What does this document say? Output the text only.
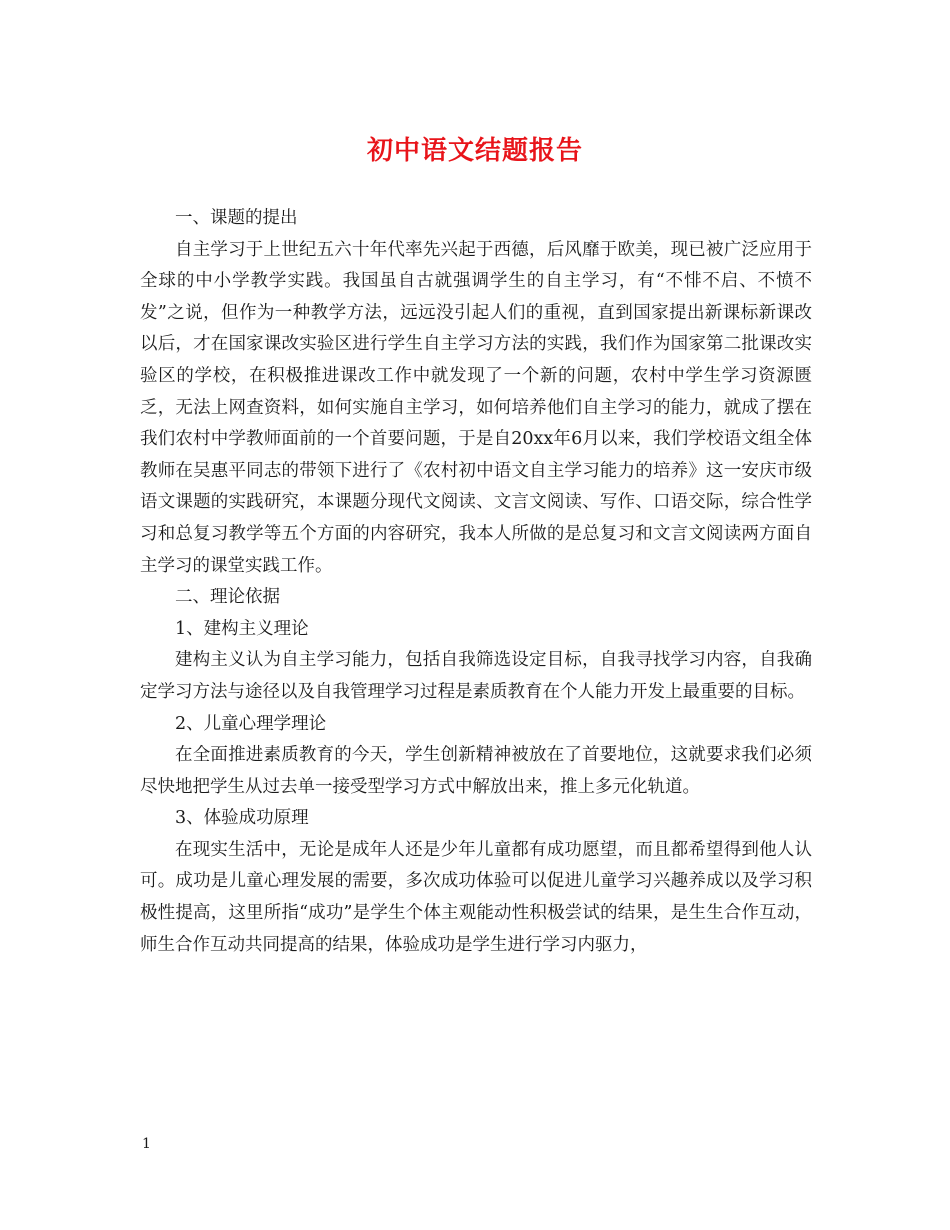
初中语文结题报告

一、课题的提出

自主学习于上世纪五六十年代率先兴起于西德，后风靡于欧美，现已被广泛应用于全球的中小学教学实践。我国虽自古就强调学生的自主学习，有“不悱不启、不愤不发”之说，但作为一种教学方法，远远没引起人们的重视，直到国家提出新课标新课改以后，才在国家课改实验区进行学生自主学习方法的实践，我们作为国家第二批课改实验区的学校，在积极推进课改工作中就发现了一个新的问题，农村中学生学习资源匮乏，无法上网查资料，如何实施自主学习，如何培养他们自主学习的能力，就成了摆在我们农村中学教师面前的一个首要问题，于是自20xx年6月以来，我们学校语文组全体教师在吴惠平同志的带领下进行了《农村初中语文自主学习能力的培养》这一安庆市级语文课题的实践研究，本课题分现代文阅读、文言文阅读、写作、口语交际，综合性学习和总复习教学等五个方面的内容研究，我本人所做的是总复习和文言文阅读两方面自主学习的课堂实践工作。

二、理论依据

1、建构主义理论

建构主义认为自主学习能力，包括自我筛选设定目标，自我寻找学习内容，自我确定学习方法与途径以及自我管理学习过程是素质教育在个人能力开发上最重要的目标。

2、儿童心理学理论

在全面推进素质教育的今天，学生创新精神被放在了首要地位，这就要求我们必须尽快地把学生从过去单一接受型学习方式中解放出来，推上多元化轨道。

3、体验成功原理

在现实生活中，无论是成年人还是少年儿童都有成功愿望，而且都希望得到他人认可。成功是儿童心理发展的需要，多次成功体验可以促进儿童学习兴趣养成以及学习积极性提高，这里所指“成功”是学生个体主观能动性积极尝试的结果，是生生合作互动，师生合作互动共同提高的结果，体验成功是学生进行学习内驱力，

1
